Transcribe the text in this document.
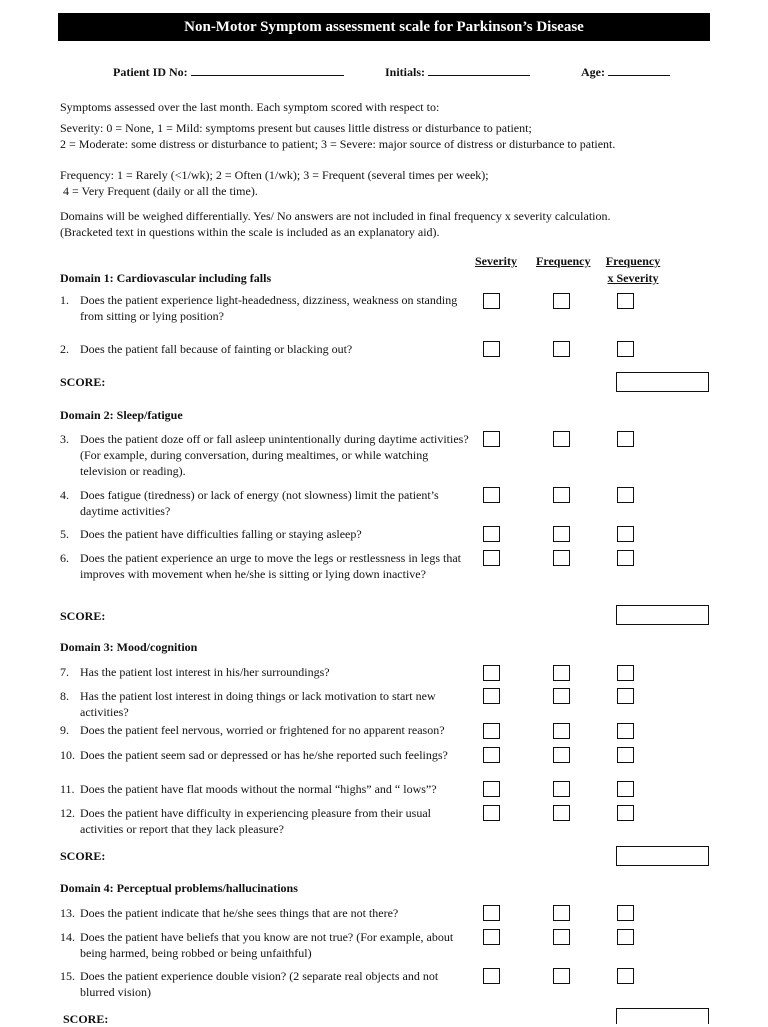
Non-Motor Symptom assessment scale for Parkinson’s Disease
Patient ID No:	Initials:	Age:
Symptoms assessed over the last month. Each symptom scored with respect to:
Severity: 0 = None, 1 = Mild: symptoms present but causes little distress or disturbance to patient;
2 = Moderate: some distress or disturbance to patient; 3 = Severe: major source of distress or disturbance to patient.
Frequency: 1 = Rarely (<1/wk); 2 = Often (1/wk); 3 = Frequent (several times per week);
4 = Very Frequent (daily or all the time).
Domains will be weighed differentially. Yes/ No answers are not included in final frequency x severity calculation.
(Bracketed text in questions within the scale is included as an explanatory aid).
Severity Frequency Frequency
x Severity
Domain 1: Cardiovascular including falls
1. Does the patient experience light-headedness, dizziness, weakness on standing from sitting or lying position?
2. Does the patient fall because of fainting or blacking out?
SCORE:
Domain 2: Sleep/fatigue
3. Does the patient doze off or fall asleep unintentionally during daytime activities? (For example, during conversation, during mealtimes, or while watching television or reading).
4. Does fatigue (tiredness) or lack of energy (not slowness) limit the patient’s daytime activities?
5. Does the patient have difficulties falling or staying asleep?
6. Does the patient experience an urge to move the legs or restlessness in legs that improves with movement when he/she is sitting or lying down inactive?
SCORE:
Domain 3: Mood/cognition
7. Has the patient lost interest in his/her surroundings?
8. Has the patient lost interest in doing things or lack motivation to start new activities?
9. Does the patient feel nervous, worried or frightened for no apparent reason?
10. Does the patient seem sad or depressed or has he/she reported such feelings?
11. Does the patient have flat moods without the normal “highs” and “ lows”?
12. Does the patient have difficulty in experiencing pleasure from their usual activities or report that they lack pleasure?
SCORE:
Domain 4: Perceptual problems/hallucinations
13. Does the patient indicate that he/she sees things that are not there?
14. Does the patient have beliefs that you know are not true? (For example, about being harmed, being robbed or being unfaithful)
15. Does the patient experience double vision? (2 separate real objects and not blurred vision)
SCORE:
